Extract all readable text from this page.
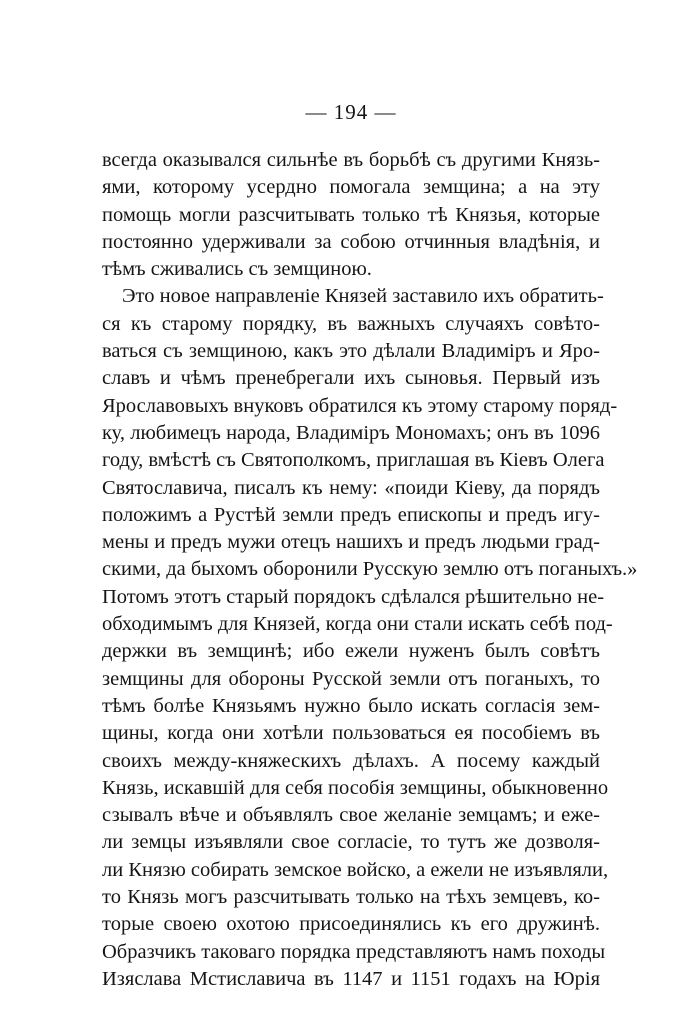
— 194 —
всегда оказывался сильнѣе въ борьбѣ съ другими Князь-
ями, которому усердно помогала земщина; а на эту
помощь могли разсчитывать только тѣ Князья, которые
постоянно удерживали за собою отчинныя владѣнія, и
тѣмъ сживались съ земщиною.
Это новое направленіе Князей заставило ихъ обратить-
ся къ старому порядку, въ важныхъ случаяхъ совѣто-
ваться съ земщиною, какъ это дѣлали Владиміръ и Яро-
славъ и чѣмъ пренебрегали ихъ сыновья. Первый изъ
Ярославовыхъ внуковъ обратился къ этому старому поряд-
ку, любимецъ народа, Владиміръ Мономахъ; онъ въ 1096
году, вмѣстѣ съ Святополкомъ, приглашая въ Кіевъ Олега
Святославича, писалъ къ нему: «поиди Кіеву, да порядъ
положимъ а Рустѣй земли предъ епископы и предъ игу-
мены и предъ мужи отецъ нашихъ и предъ людьми град-
скими, да быхомъ оборонили Русскую землю отъ поганыхъ.»
Потомъ этотъ старый порядокъ сдѣлался рѣшительно не-
обходимымъ для Князей, когда они стали искать себѣ под-
держки въ земщинѣ; ибо ежели нуженъ былъ совѣтъ
земщины для обороны Русской земли отъ поганыхъ, то
тѣмъ болѣе Князьямъ нужно было искать согласія зем-
щины, когда они хотѣли пользоваться ея пособіемъ въ
своихъ между-княжескихъ дѣлахъ. А посему каждый
Князь, искавшій для себя пособія земщины, обыкновенно
сзывалъ вѣче и объявлялъ свое желаніе земцамъ; и eже-
ли земцы изъявляли свое согласіе, то тутъ же дозволя-
ли Князю собирать земское войско, а ежели не изъявляли,
то Князь могъ разсчитывать только на тѣхъ земцевъ, ко-
торые своею охотою присоединялись къ его дружинѣ.
Образчикъ таковаго порядка представляютъ намъ походы
Изяслава Мстиславича въ 1147 и 1151 годахъ на Юрія
